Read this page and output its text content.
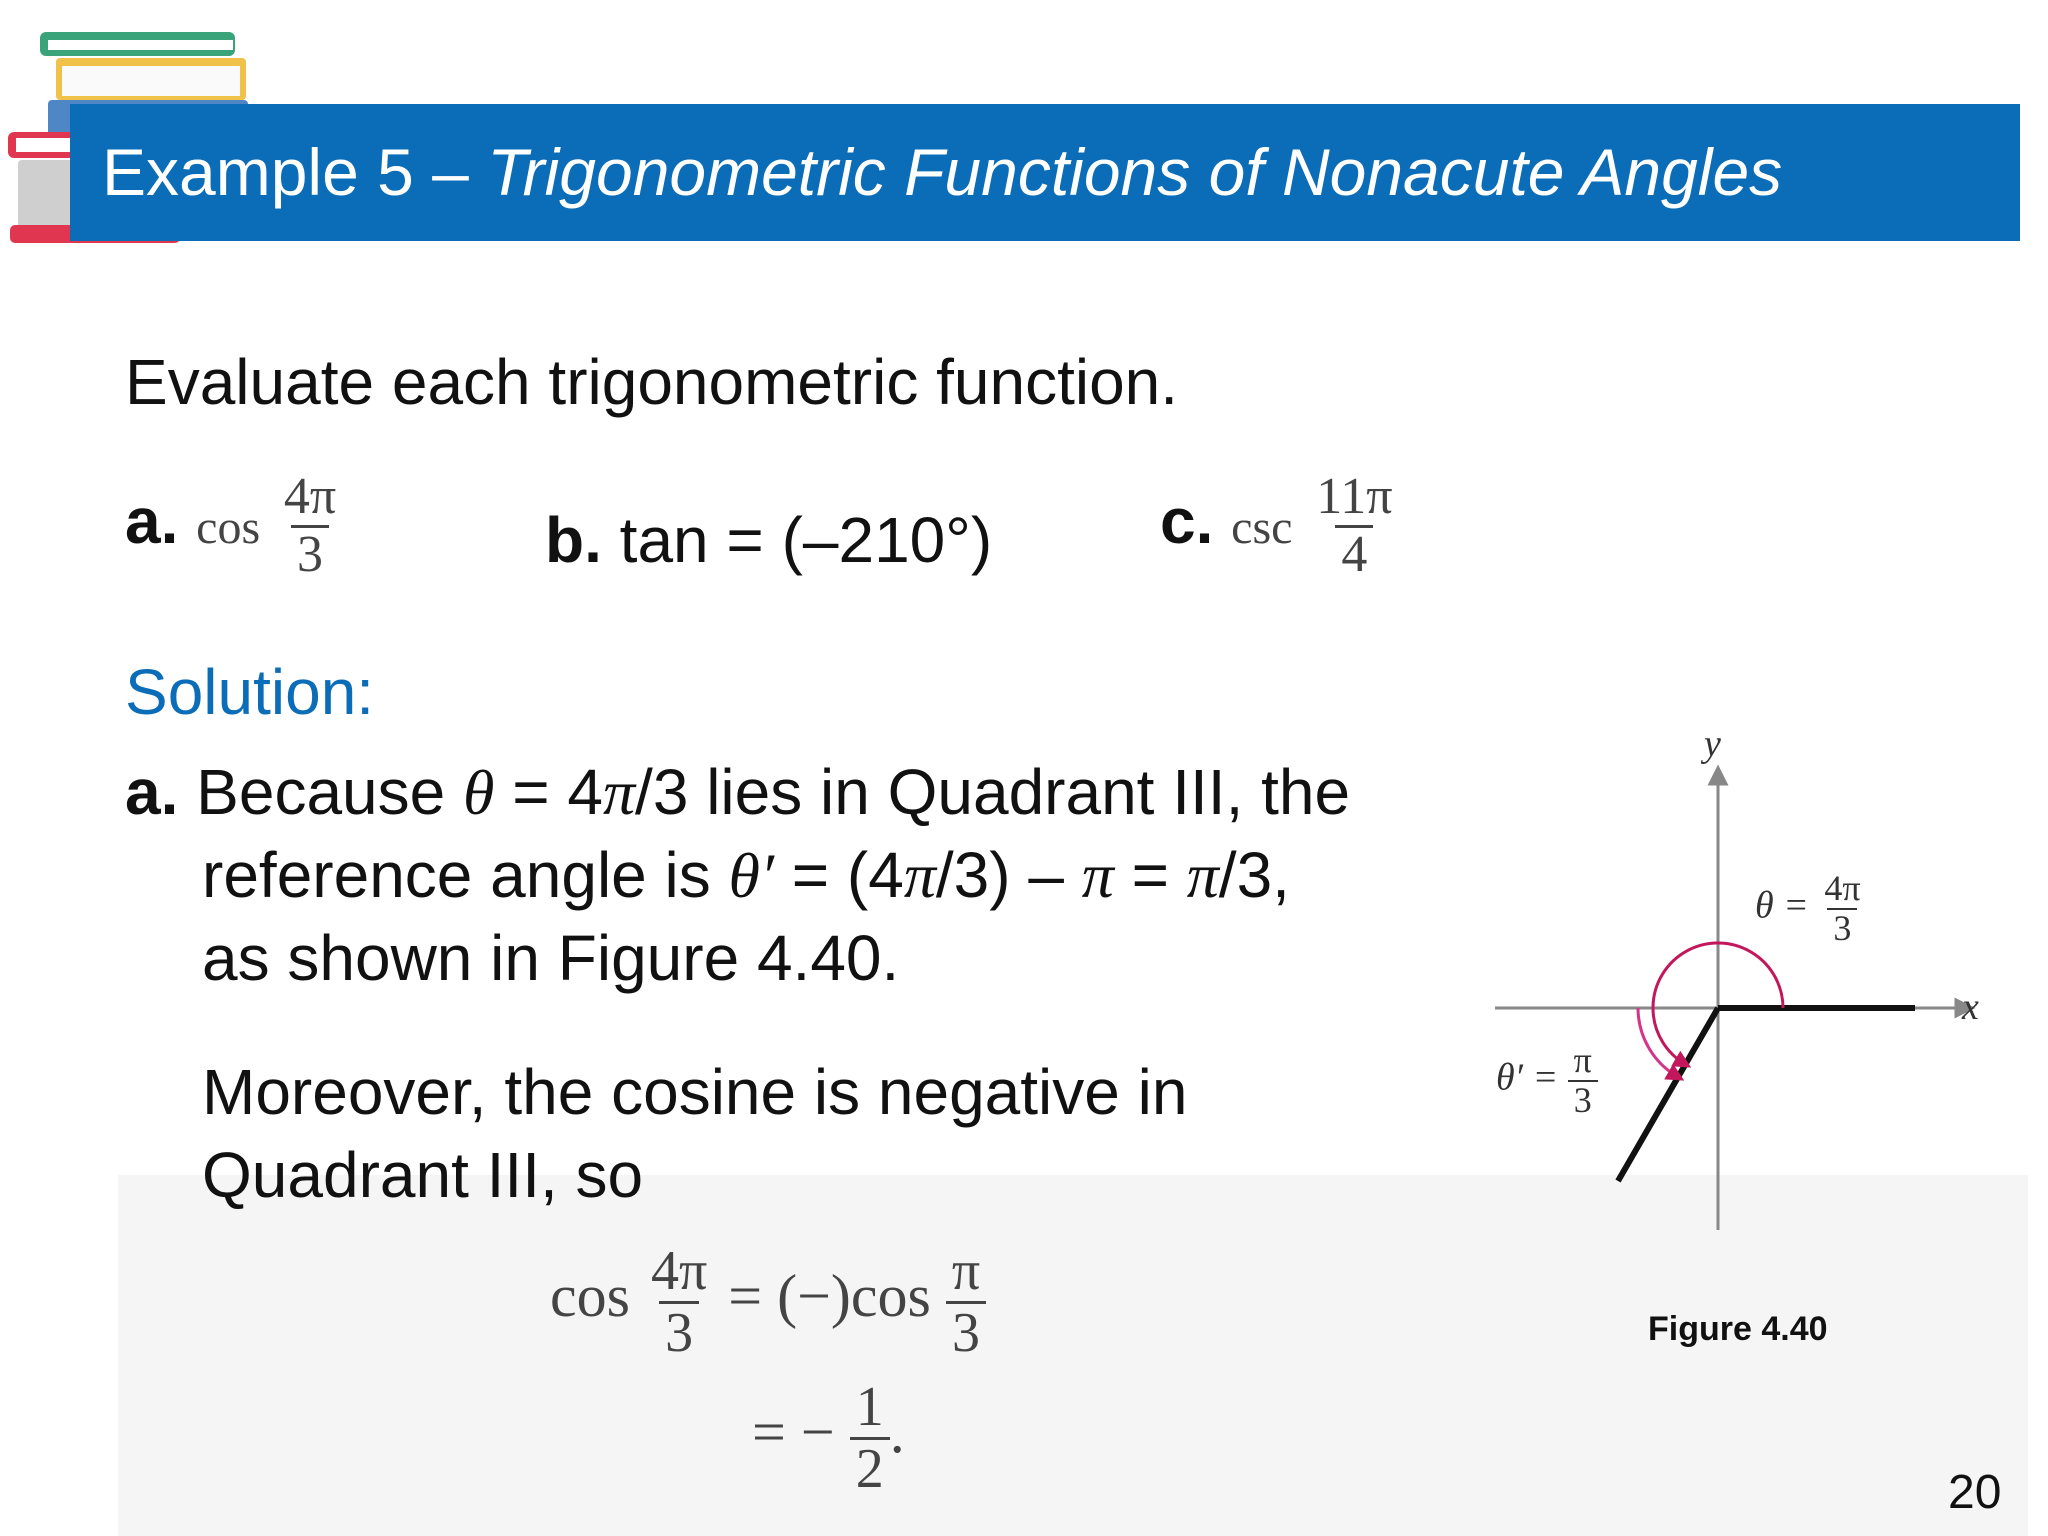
Example 5 – Trigonometric Functions of Nonacute Angles
Evaluate each trigonometric function.
a. $\cos \frac{4\pi}{3}$	b. tan = (–210°)	c. $\csc \frac{11\pi}{4}$
Solution:
a. Because θ = 4π/3 lies in Quadrant III, the
reference angle is θ′ = (4π/3) – π = π/3,
as shown in Figure 4.40.
Moreover, the cosine is negative in
Quadrant III, so
$\cos \frac{4\pi}{3} = (-)\cos \frac{\pi}{3}$
= − $\frac{1}{2}$ .
y
x
$\theta = \frac{4\pi}{3}$
$\theta' = \frac{\pi}{3}$
Figure 4.40
20
